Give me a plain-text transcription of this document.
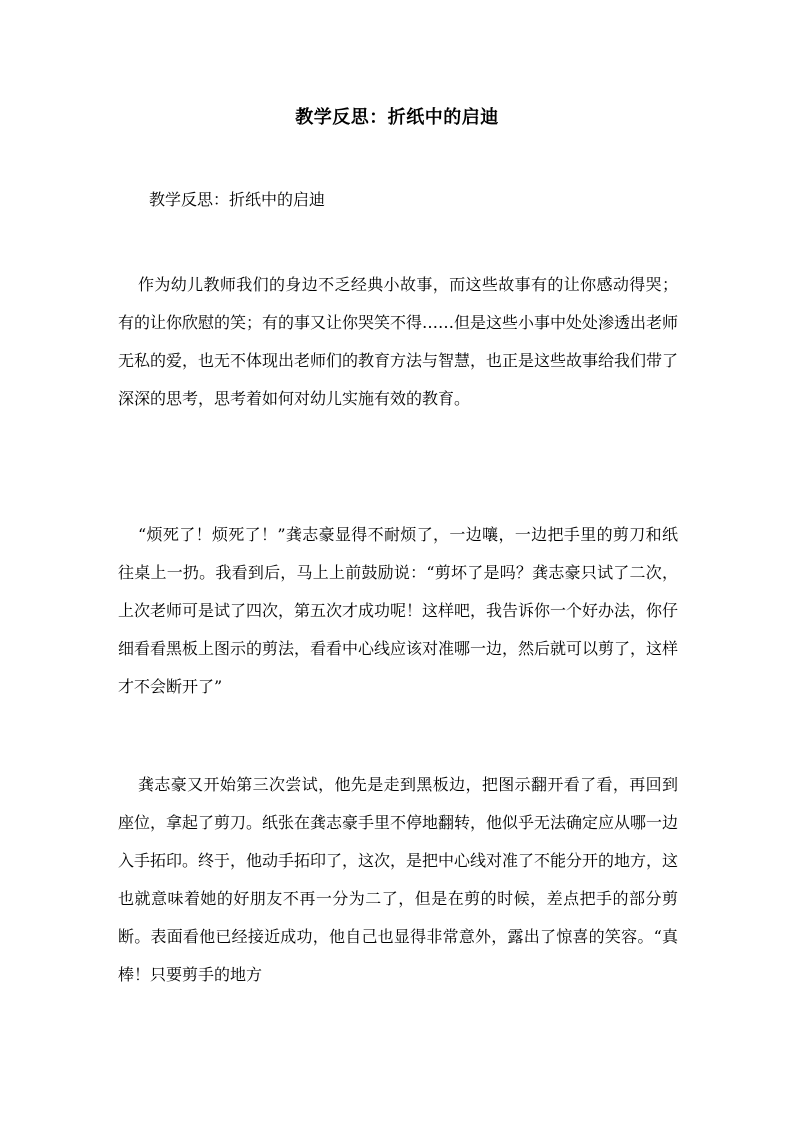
教学反思：折纸中的启迪
教学反思：折纸中的启迪

作为幼儿教师我们的身边不乏经典小故事，而这些故事有的让你感动得哭；有的让你欣慰的笑；有的事又让你哭笑不得……但是这些小事中处处渗透出老师无私的爱，也无不体现出老师们的教育方法与智慧，也正是这些故事给我们带了深深的思考，思考着如何对幼儿实施有效的教育。

“烦死了！烦死了！”龚志豪显得不耐烦了，一边嚷，一边把手里的剪刀和纸往桌上一扔。我看到后，马上上前鼓励说：“剪坏了是吗？龚志豪只试了二次，上次老师可是试了四次，第五次才成功呢！这样吧，我告诉你一个好办法，你仔细看看黑板上图示的剪法，看看中心线应该对准哪一边，然后就可以剪了，这样才不会断开了”

龚志豪又开始第三次尝试，他先是走到黑板边，把图示翻开看了看，再回到座位，拿起了剪刀。纸张在龚志豪手里不停地翻转，他似乎无法确定应从哪一边入手拓印。终于，他动手拓印了，这次，是把中心线对准了不能分开的地方，这也就意味着她的好朋友不再一分为二了，但是在剪的时候，差点把手的部分剪断。表面看他已经接近成功，他自己也显得非常意外，露出了惊喜的笑容。“真棒！只要剪手的地方
